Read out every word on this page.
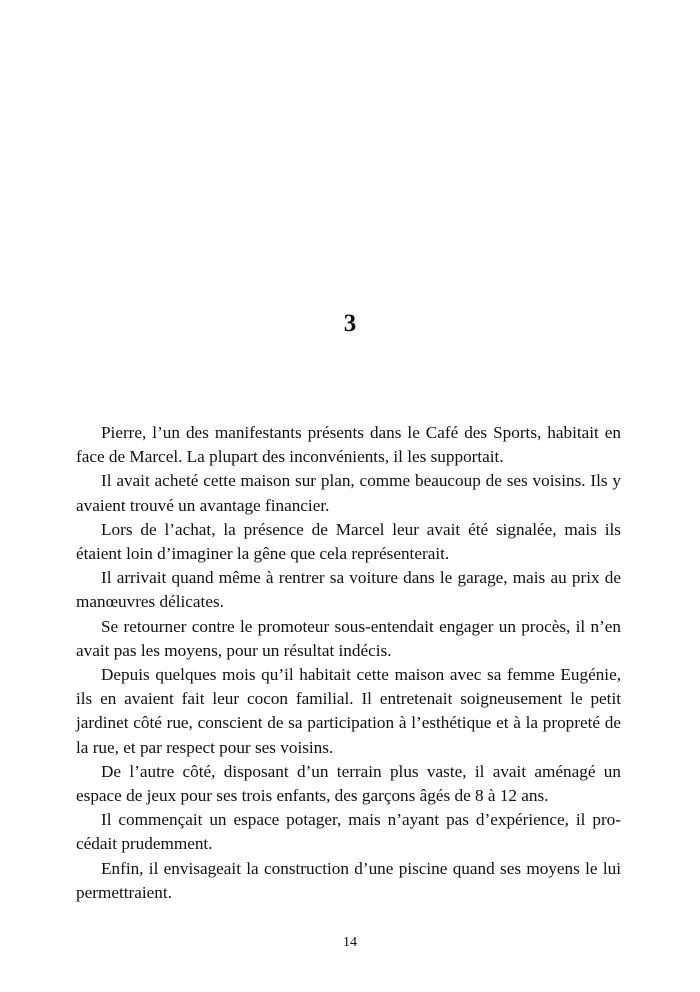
3

Pierre, l’un des manifestants présents dans le Café des Sports, habitait en face de Marcel. La plupart des inconvénients, il les supportait.

Il avait acheté cette maison sur plan, comme beaucoup de ses voisins. Ils y avaient trouvé un avantage financier.

Lors de l’achat, la présence de Marcel leur avait été signalée, mais ils étaient loin d’imaginer la gêne que cela représenterait.

Il arrivait quand même à rentrer sa voiture dans le garage, mais au prix de manœuvres délicates.

Se retourner contre le promoteur sous-entendait engager un procès, il n’en avait pas les moyens, pour un résultat indécis.

Depuis quelques mois qu’il habitait cette maison avec sa femme Eugénie, ils en avaient fait leur cocon familial. Il entretenait soigneusement le petit jardinet côté rue, conscient de sa participation à l’esthétique et à la propreté de la rue, et par respect pour ses voisins.

De l’autre côté, disposant d’un terrain plus vaste, il avait aménagé un espace de jeux pour ses trois enfants, des garçons âgés de 8 à 12 ans.

Il commençait un espace potager, mais n’ayant pas d’expérience, il procédait prudemment.

Enfin, il envisageait la construction d’une piscine quand ses moyens le lui permettraient.

14
